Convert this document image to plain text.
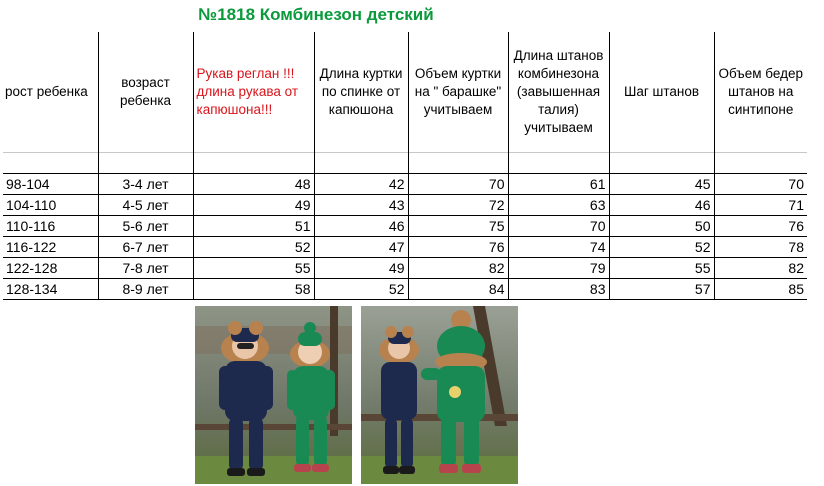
№1818 Комбинезон детский
рост ребенка	возраст ребенка	Рукав реглан !!! длина рукава от капюшона!!!	Длина куртки по спинке от капюшона	Объем куртки на " барашке" учитываем	Длина штанов комбинезона (завышенная талия) учитываем	Шаг штанов	Объем бедер штанов на синтипоне

98-104	3-4 лет	48	42	70	61	45	70
104-110	4-5 лет	49	43	72	63	46	71
110-116	5-6 лет	51	46	75	70	50	76
116-122	6-7 лет	52	47	76	74	52	78
122-128	7-8 лет	55	49	82	79	55	82
128-134	8-9 лет	58	52	84	83	57	85
